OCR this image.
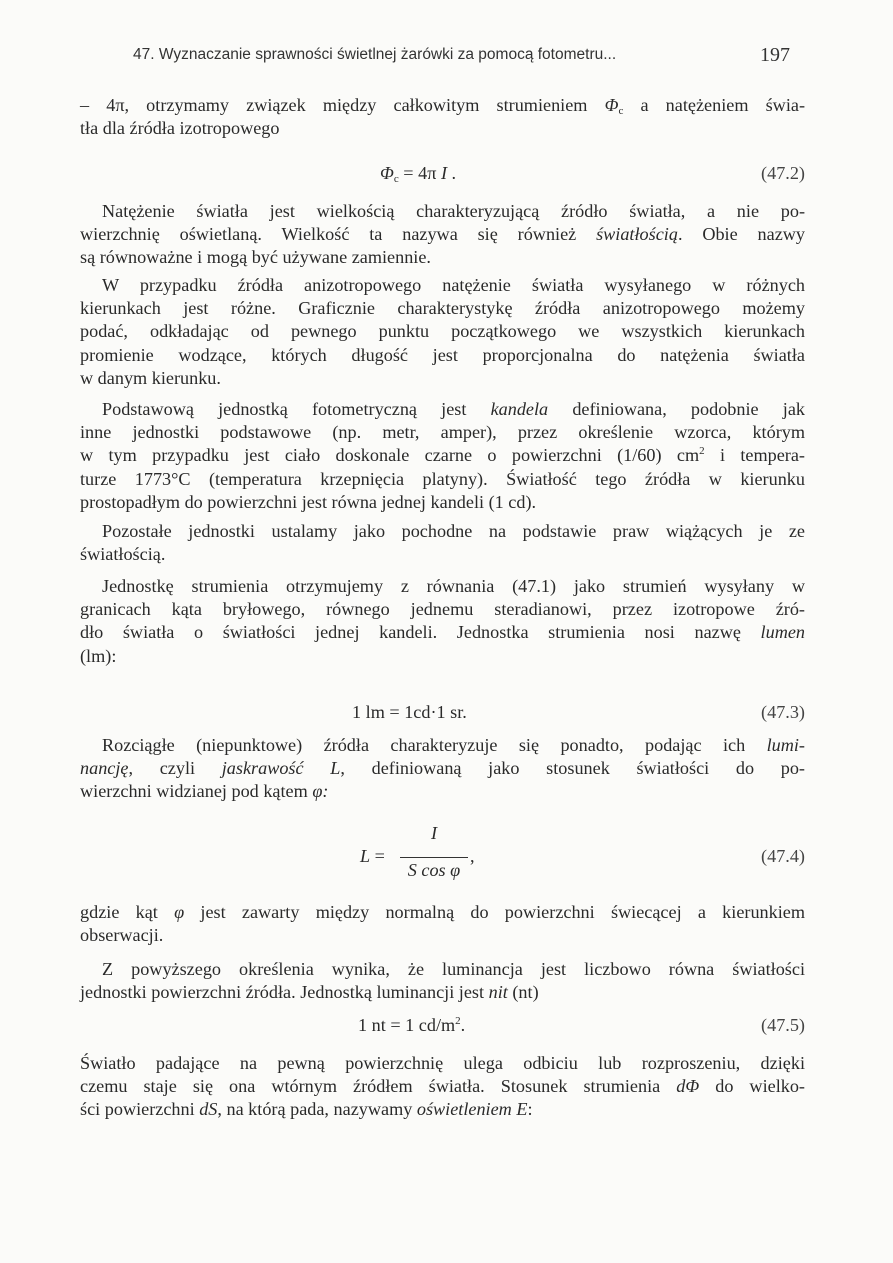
47. Wyznaczanie sprawności świetlnej żarówki za pomocą fotometru...	197
– 4π, otrzymamy związek między całkowitym strumieniem $\Phi_c$ a natężeniem świa-
tła dla źródła izotropowego
$\Phi_c = 4\pi$ I .	(47.2)
Natężenie światła jest wielkością charakteryzującą źródło światła, a nie po-
wierzchnię oświetlaną. Wielkość ta nazywa się również światłością. Obie nazwy
są równoważne i mogą być używane zamiennie.
W przypadku źródła anizotropowego natężenie światła wysyłanego w różnych
kierunkach jest różne. Graficznie charakterystykę źródła anizotropowego możemy
podać, odkładając od pewnego punktu początkowego we wszystkich kierunkach
promienie wodzące, których długość jest proporcjonalna do natężenia światła
w danym kierunku.
Podstawową jednostką fotometryczną jest kandela definiowana, podobnie jak
inne jednostki podstawowe (np. metr, amper), przez określenie wzorca, którym
w tym przypadku jest ciało doskonale czarne o powierzchni (1/60) $cm^2$ i tempera-
turze 1773°C (temperatura krzepnięcia platyny). Światłość tego źródła w kierunku
prostopadłym do powierzchni jest równa jednej kandeli (1 cd).
Pozostałe jednostki ustalamy jako pochodne na podstawie praw wiążących je ze
światłością.
Jednostkę strumienia otrzymujemy z równania (47.1) jako strumień wysyłany w
granicach kąta bryłowego, równego jednemu steradianowi, przez izotropowe źró-
dło światła o światłości jednej kandeli. Jednostka strumienia nosi nazwę lumen
(lm):
1 lm = 1cd·1 sr.	(47.3)
Rozciągłe (niepunktowe) źródła charakteryzuje się ponadto, podając ich lumi-
nancję, czyli jaskrawość L, definiowaną jako stosunek światłości do po-
wierzchni widzianej pod kątem φ:
L =
I
S cos φ
,	(47.4)
gdzie kąt φ jest zawarty między normalną do powierzchni świecącej a kierunkiem
obserwacji.
Z powyższego określenia wynika, że luminancja jest liczbowo równa światłości
jednostki powierzchni źródła. Jednostką luminancji jest nit (nt)
1 nt = 1 $cd/m^2$.	(47.5)
Światło padające na pewną powierzchnię ulega odbiciu lub rozproszeniu, dzięki
czemu staje się ona wtórnym źródłem światła. Stosunek strumienia dΦ do wielko-
ści powierzchni dS, na którą pada, nazywamy oświetleniem E:
